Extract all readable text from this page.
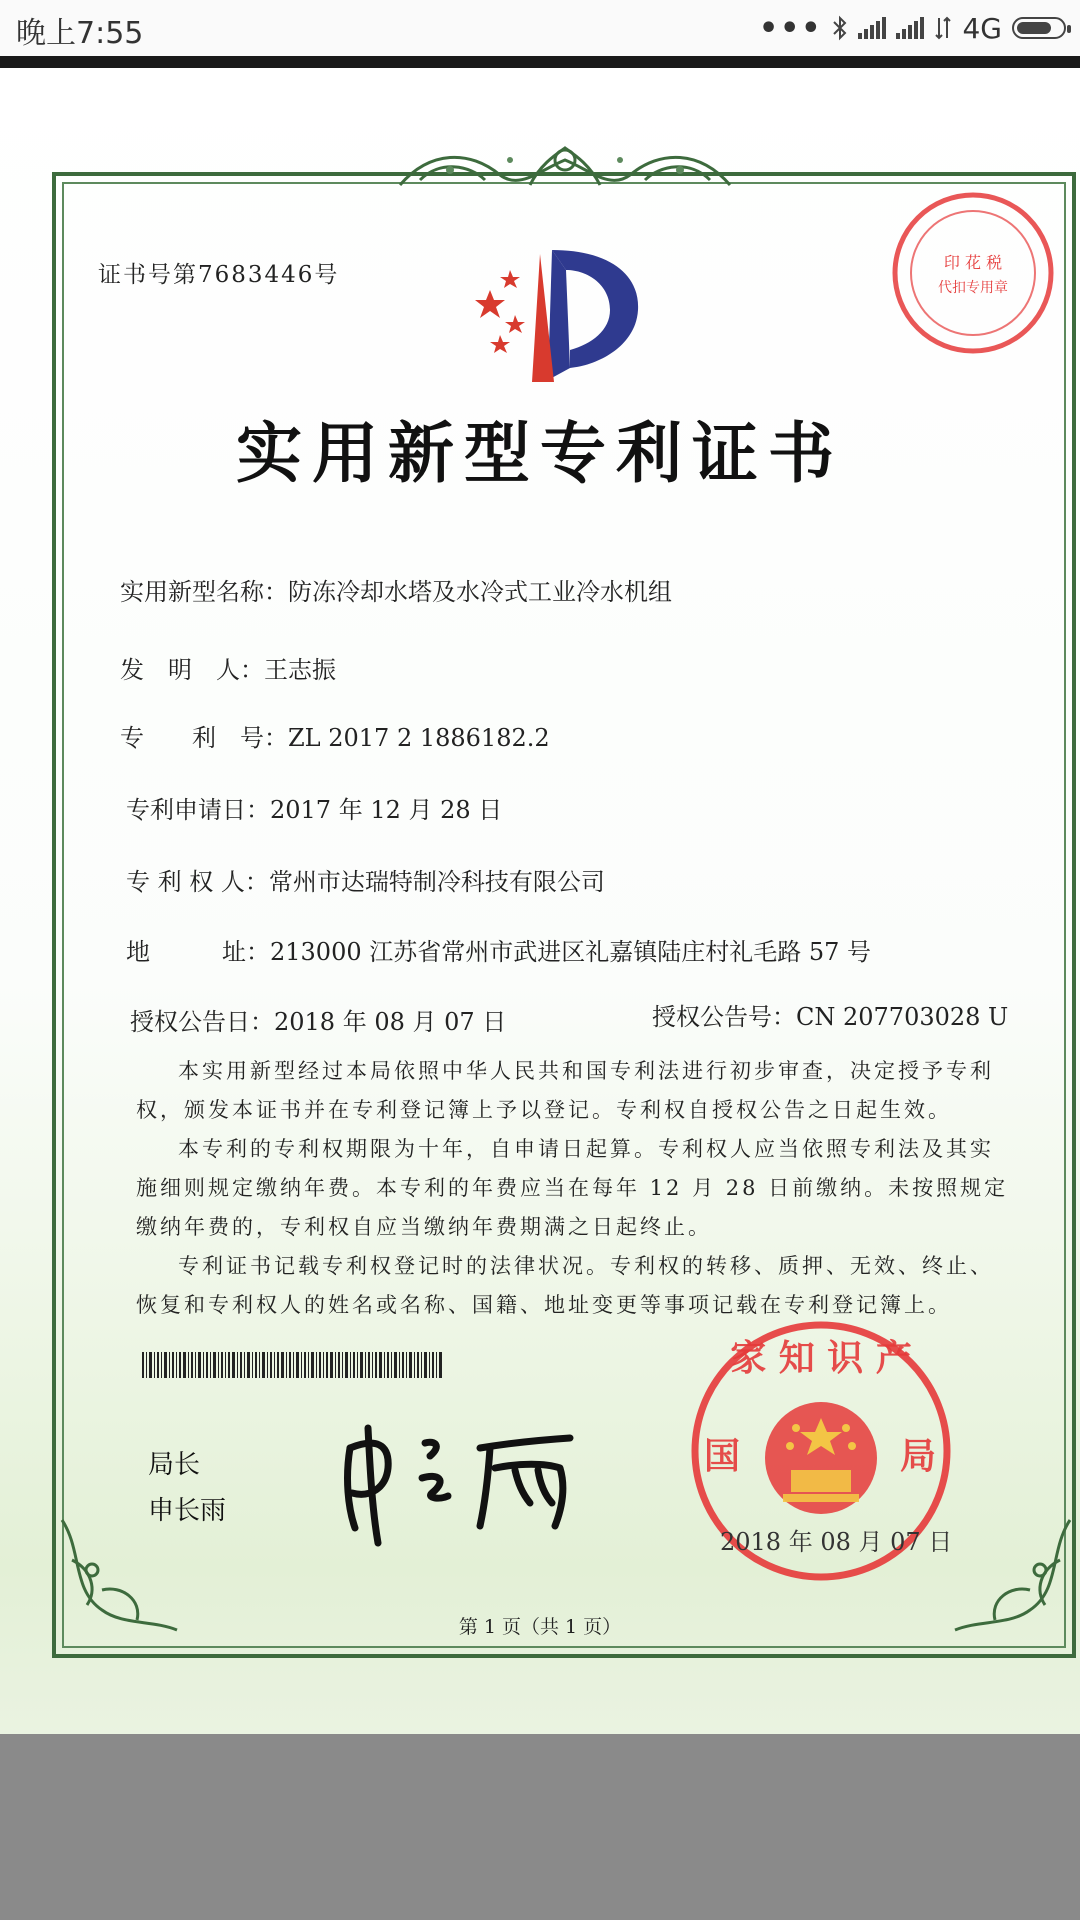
晚上7:55	•••	4G
证书号第7683446号	印 花 税
代扣专用章
实用新型专利证书
实用新型名称：防冻冷却水塔及水冷式工业冷水机组
发　明　人：王志振
专　　利　号：ZL 2017 2 1886182.2
专利申请日：2017 年 12 月 28 日
专 利 权 人：常州市达瑞特制冷科技有限公司
地　　　址：213000 江苏省常州市武进区礼嘉镇陆庄村礼毛路 57 号
授权公告日：2018 年 08 月 07 日	授权公告号：CN 207703028 U

本实用新型经过本局依照中华人民共和国专利法进行初步审查，决定授予专利权，颁发本证书并在专利登记簿上予以登记。专利权自授权公告之日起生效。

本专利的专利权期限为十年，自申请日起算。专利权人应当依照专利法及其实施细则规定缴纳年费。本专利的年费应当在每年 12 月 28 日前缴纳。未按照规定缴纳年费的，专利权自应当缴纳年费期满之日起终止。

专利证书记载专利权登记时的法律状况。专利权的转移、质押、无效、终止、恢复和专利权人的姓名或名称、国籍、地址变更等事项记载在专利登记簿上。

局长
申长雨
家 知 识 产
国	局
2018 年 08 月 07 日
第 1 页（共 1 页）
